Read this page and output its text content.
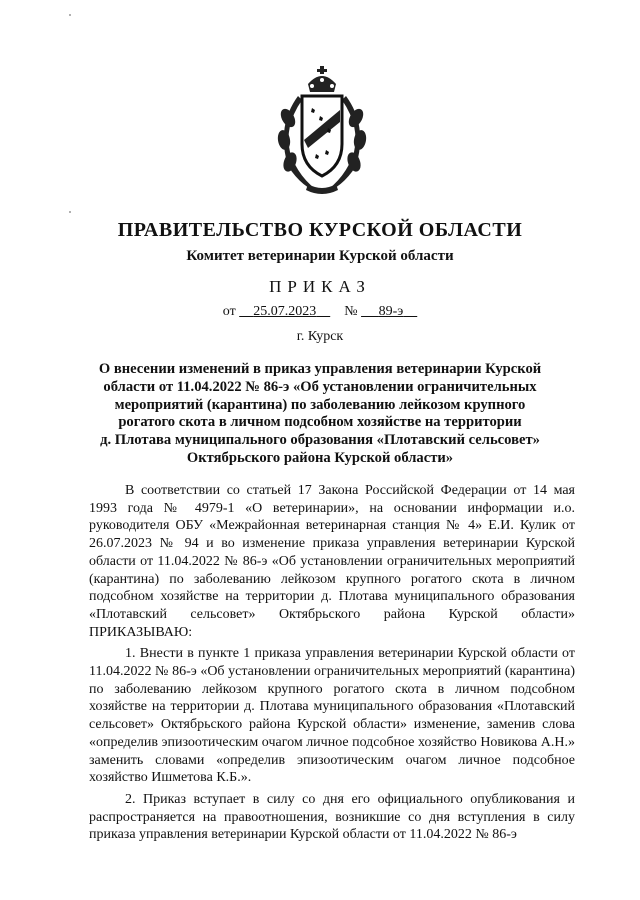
ПРАВИТЕЛЬСТВО КУРСКОЙ ОБЛАСТИ
Комитет ветеринарии Курской области
ПРИКАЗ
от 25.07.2023 № 89-э
г. Курск
О внесении изменений в приказ управления ветеринарии Курской
области от 11.04.2022 № 86-э «Об установлении ограничительных
мероприятий (карантина) по заболеванию лейкозом крупного
рогатого скота в личном подсобном хозяйстве на территории
д. Плотава муниципального образования «Плотавский сельсовет»
Октябрьского района Курской области»

В соответствии со статьей 17 Закона Российской Федерации от 14 мая 1993 года № 4979-1 «О ветеринарии», на основании информации и.о. руководителя ОБУ «Межрайонная ветеринарная станция № 4» Е.И. Кулик от 26.07.2023 № 94 и во изменение приказа управления ветеринарии Курской области от 11.04.2022 № 86-э «Об установлении ограничительных мероприятий (карантина) по заболеванию лейкозом крупного рогатого скота в личном подсобном хозяйстве на территории д. Плотава муниципального образования «Плотавский сельсовет» Октябрьского района Курской области» ПРИКАЗЫВАЮ:

1. Внести в пункте 1 приказа управления ветеринарии Курской области от 11.04.2022 № 86-э «Об установлении ограничительных мероприятий (карантина) по заболеванию лейкозом крупного рогатого скота в личном подсобном хозяйстве на территории д. Плотава муниципального образования «Плотавский сельсовет» Октябрьского района Курской области» изменение, заменив слова «определив эпизоотическим очагом личное подсобное хозяйство Новикова А.Н.» заменить словами «определив эпизоотическим очагом личное подсобное хозяйство Ишметова К.Б.».

2. Приказ вступает в силу со дня его официального опубликования и распространяется на правоотношения, возникшие со дня вступления в силу приказа управления ветеринарии Курской области от 11.04.2022 № 86-э
